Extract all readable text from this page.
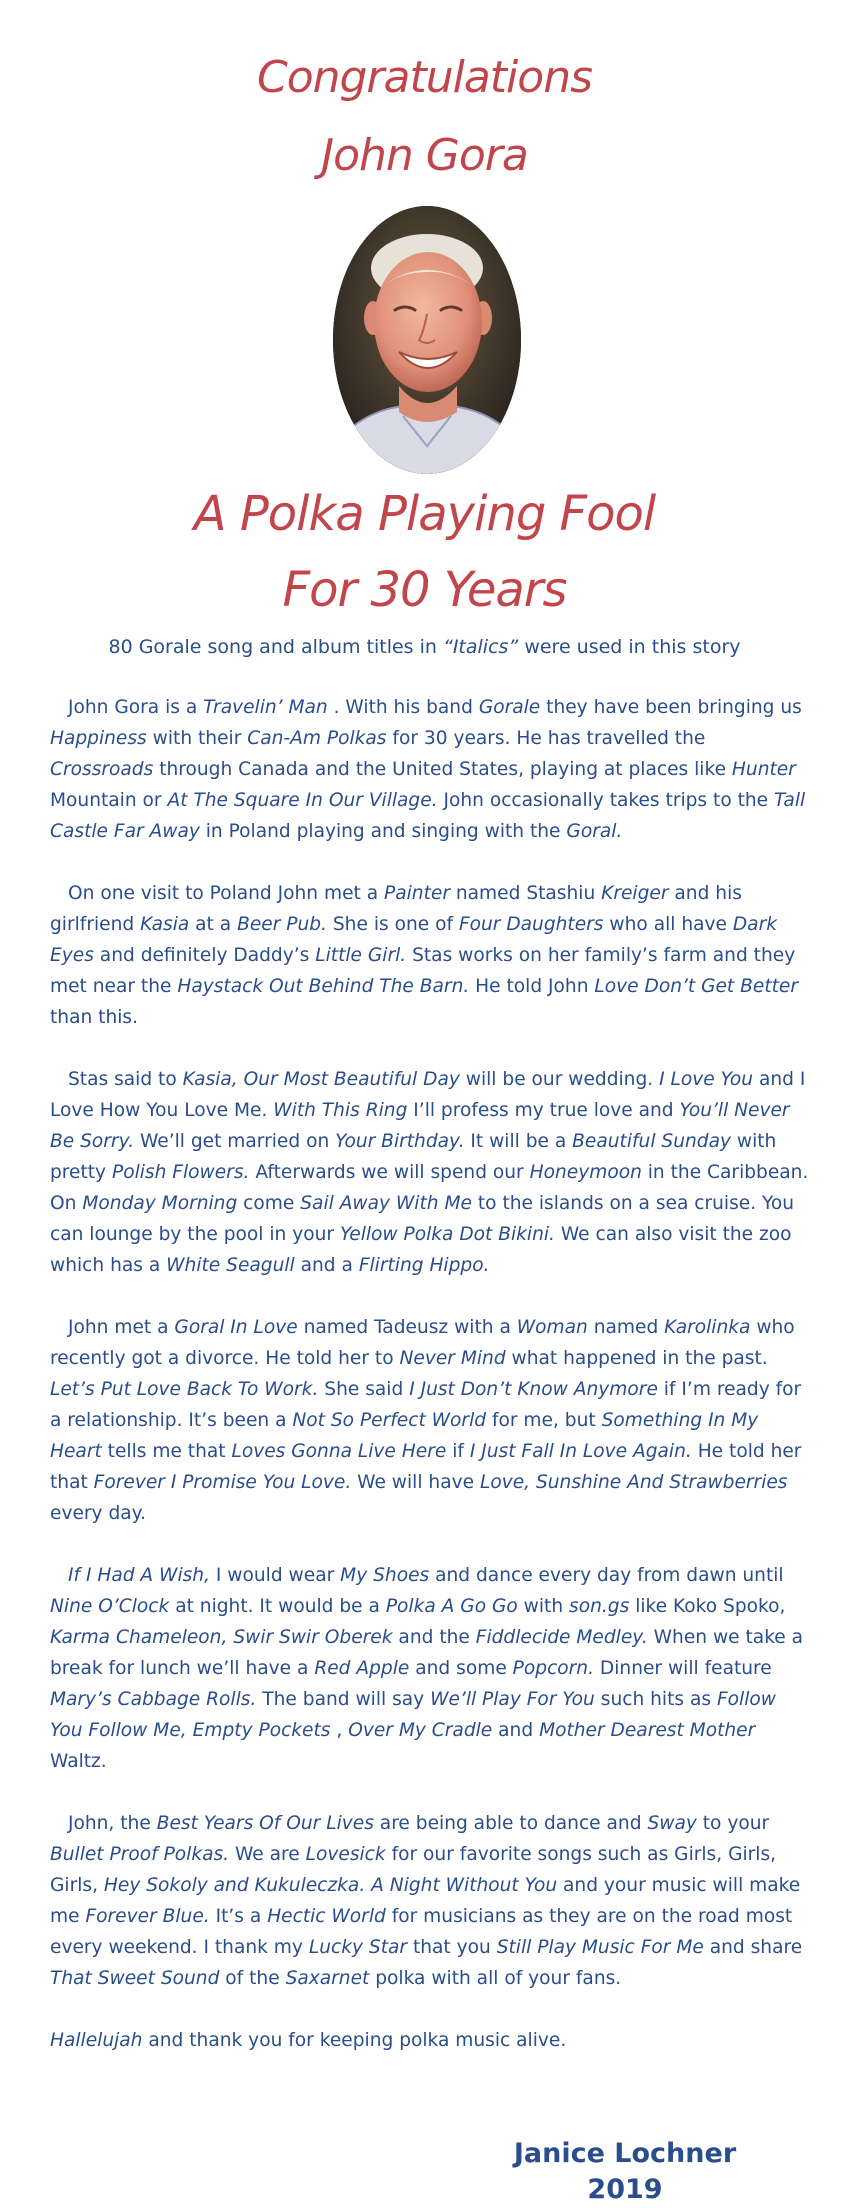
Congratulations
John Gora
A Polka Playing Fool
For 30 Years
80 Gorale song and album titles in “Italics” were used in this story

John Gora is a Travelin’ Man . With his band Gorale they have been bringing us Happiness with their Can-Am Polkas for 30 years. He has travelled the Crossroads through Canada and the United States, playing at places like Hunter Mountain or At The Square In Our Village. John occasionally takes trips to the Tall Castle Far Away in Poland playing and singing with the Goral.

On one visit to Poland John met a Painter named Stashiu Kreiger and his girlfriend Kasia at a Beer Pub. She is one of Four Daughters who all have Dark Eyes and definitely Daddy’s Little Girl. Stas works on her family’s farm and they met near the Haystack Out Behind The Barn. He told John Love Don’t Get Better than this.

Stas said to Kasia, Our Most Beautiful Day will be our wedding. I Love You and I Love How You Love Me. With This Ring I’ll profess my true love and You’ll Never Be Sorry. We’ll get married on Your Birthday. It will be a Beautiful Sunday with pretty Polish Flowers. Afterwards we will spend our Honeymoon in the Caribbean. On Monday Morning come Sail Away With Me to the islands on a sea cruise. You can lounge by the pool in your Yellow Polka Dot Bikini. We can also visit the zoo which has a White Seagull and a Flirting Hippo.

John met a Goral In Love named Tadeusz with a Woman named Karolinka who recently got a divorce. He told her to Never Mind what happened in the past. Let’s Put Love Back To Work. She said I Just Don’t Know Anymore if I’m ready for a relationship. It’s been a Not So Perfect World for me, but Something In My Heart tells me that Loves Gonna Live Here if I Just Fall In Love Again. He told her that Forever I Promise You Love. We will have Love, Sunshine And Strawberries every day.

If I Had A Wish, I would wear My Shoes and dance every day from dawn until Nine O’Clock at night. It would be a Polka A Go Go with son.gs like Koko Spoko, Karma Chameleon, Swir Swir Oberek and the Fiddlecide Medley. When we take a break for lunch we’ll have a Red Apple and some Popcorn. Dinner will feature Mary’s Cabbage Rolls. The band will say We’ll Play For You such hits as Follow You Follow Me, Empty Pockets , Over My Cradle and Mother Dearest Mother Waltz.

John, the Best Years Of Our Lives are being able to dance and Sway to your Bullet Proof Polkas. We are Lovesick for our favorite songs such as Girls, Girls, Girls, Hey Sokoly and Kukuleczka. A Night Without You and your music will make me Forever Blue. It’s a Hectic World for musicians as they are on the road most every weekend. I thank my Lucky Star that you Still Play Music For Me and share That Sweet Sound of the Saxarnet polka with all of your fans.

Hallelujah and thank you for keeping polka music alive.

Janice Lochner
2019
